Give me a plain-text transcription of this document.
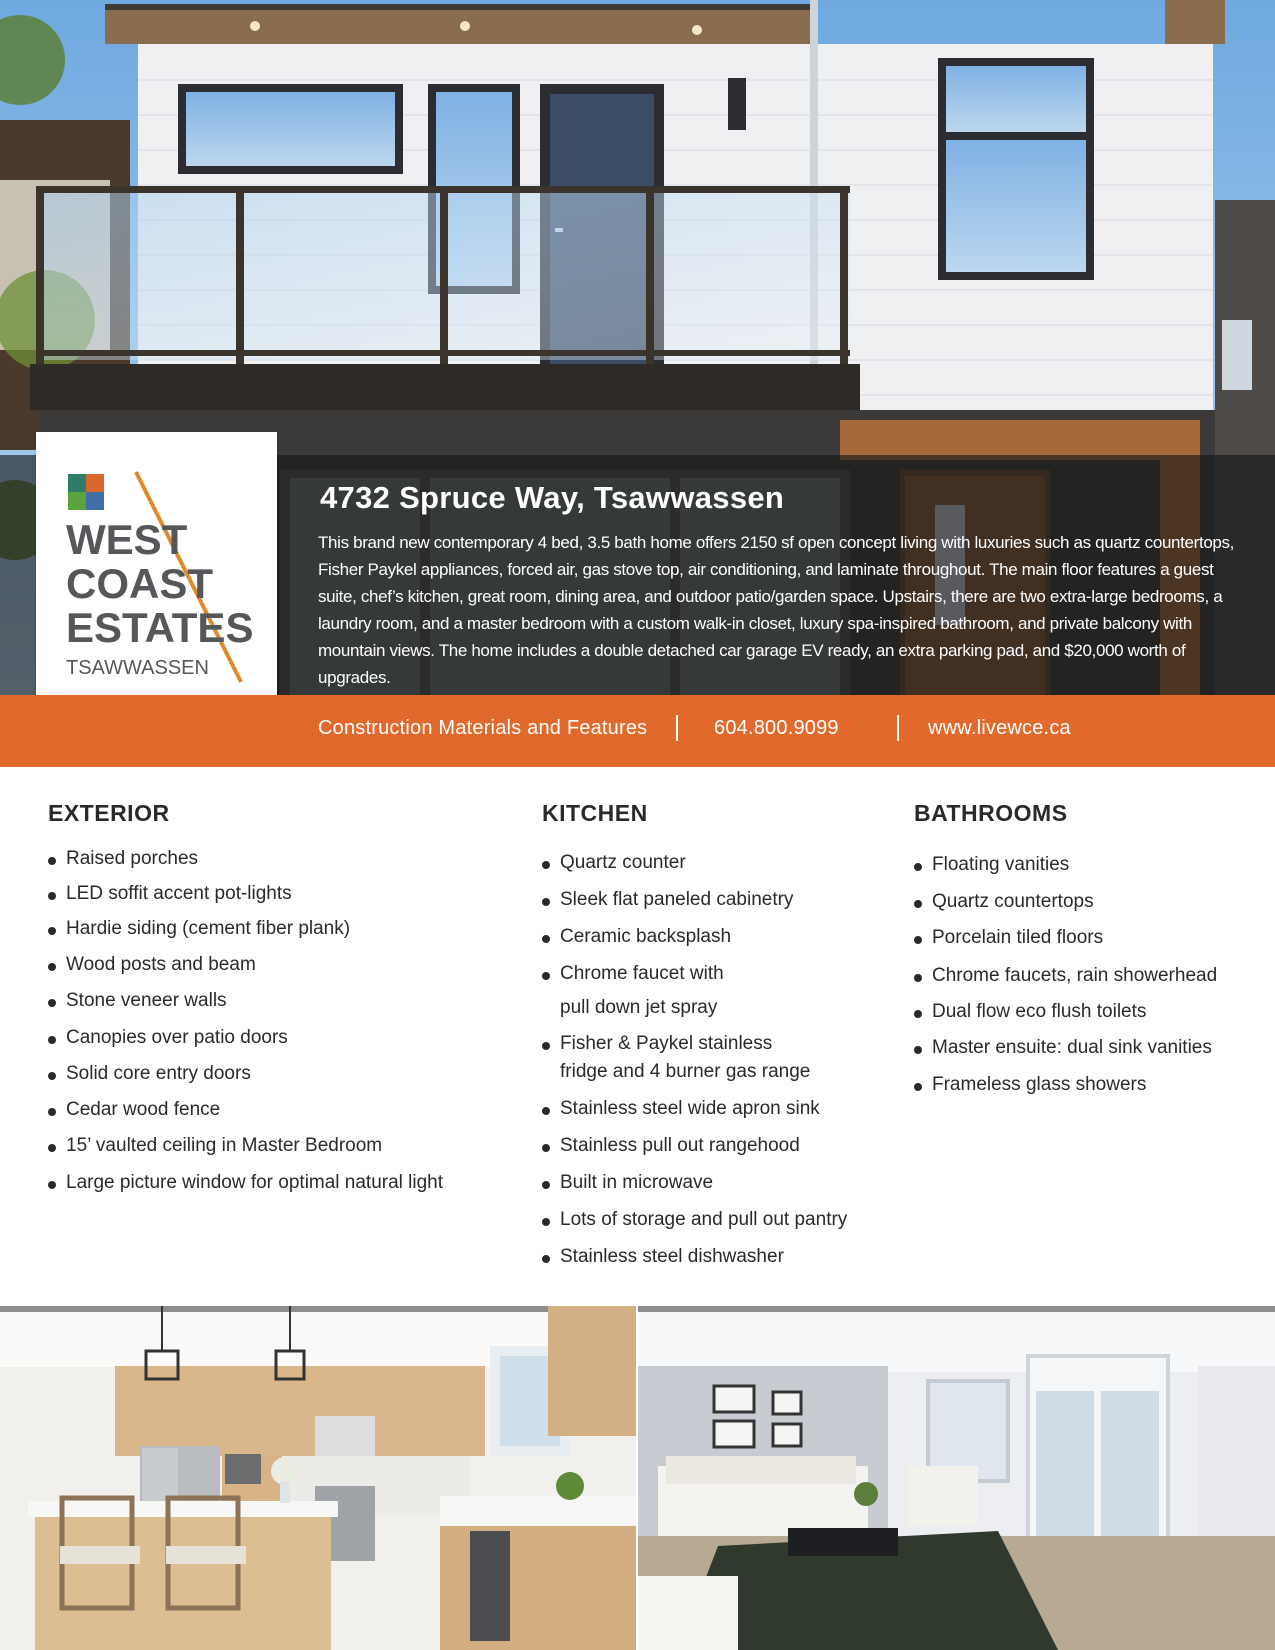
4732 Spruce Way, Tsawwassen

This brand new contemporary 4 bed, 3.5 bath home offers 2150 sf open concept living with luxuries such as quartz countertops, Fisher Paykel appliances, forced air, gas stove top, air conditioning, and laminate throughout. The main floor features a guest suite, chef’s kitchen, great room, dining area, and outdoor patio/garden space. Upstairs, there are two extra-large bedrooms, a laundry room, and a master bedroom with a custom walk-in closet, luxury spa-inspired bathroom, and private balcony with mountain views. The home includes a double detached car garage EV ready, an extra parking pad, and $20,000 worth of upgrades.

WEST
COAST
ESTATES
TSAWWASSEN
Construction Materials and Features	604.800.9099	www.livewce.ca
EXTERIOR
Raised porches
LED soffit accent pot-lights
Hardie siding (cement fiber plank)
Wood posts and beam
Stone veneer walls
Canopies over patio doors
Solid core entry doors
Cedar wood fence
15’ vaulted ceiling in Master Bedroom
Large picture window for optimal natural light
KITCHEN
Quartz counter
Sleek flat paneled cabinetry
Ceramic backsplash
Chrome faucet with
pull down jet spray
Fisher & Paykel stainless
fridge and 4 burner gas range
Stainless steel wide apron sink
Stainless pull out rangehood
Built in microwave
Lots of storage and pull out pantry
Stainless steel dishwasher
BATHROOMS
Floating vanities
Quartz countertops
Porcelain tiled floors
Chrome faucets, rain showerhead
Dual flow eco flush toilets
Master ensuite: dual sink vanities
Frameless glass showers
